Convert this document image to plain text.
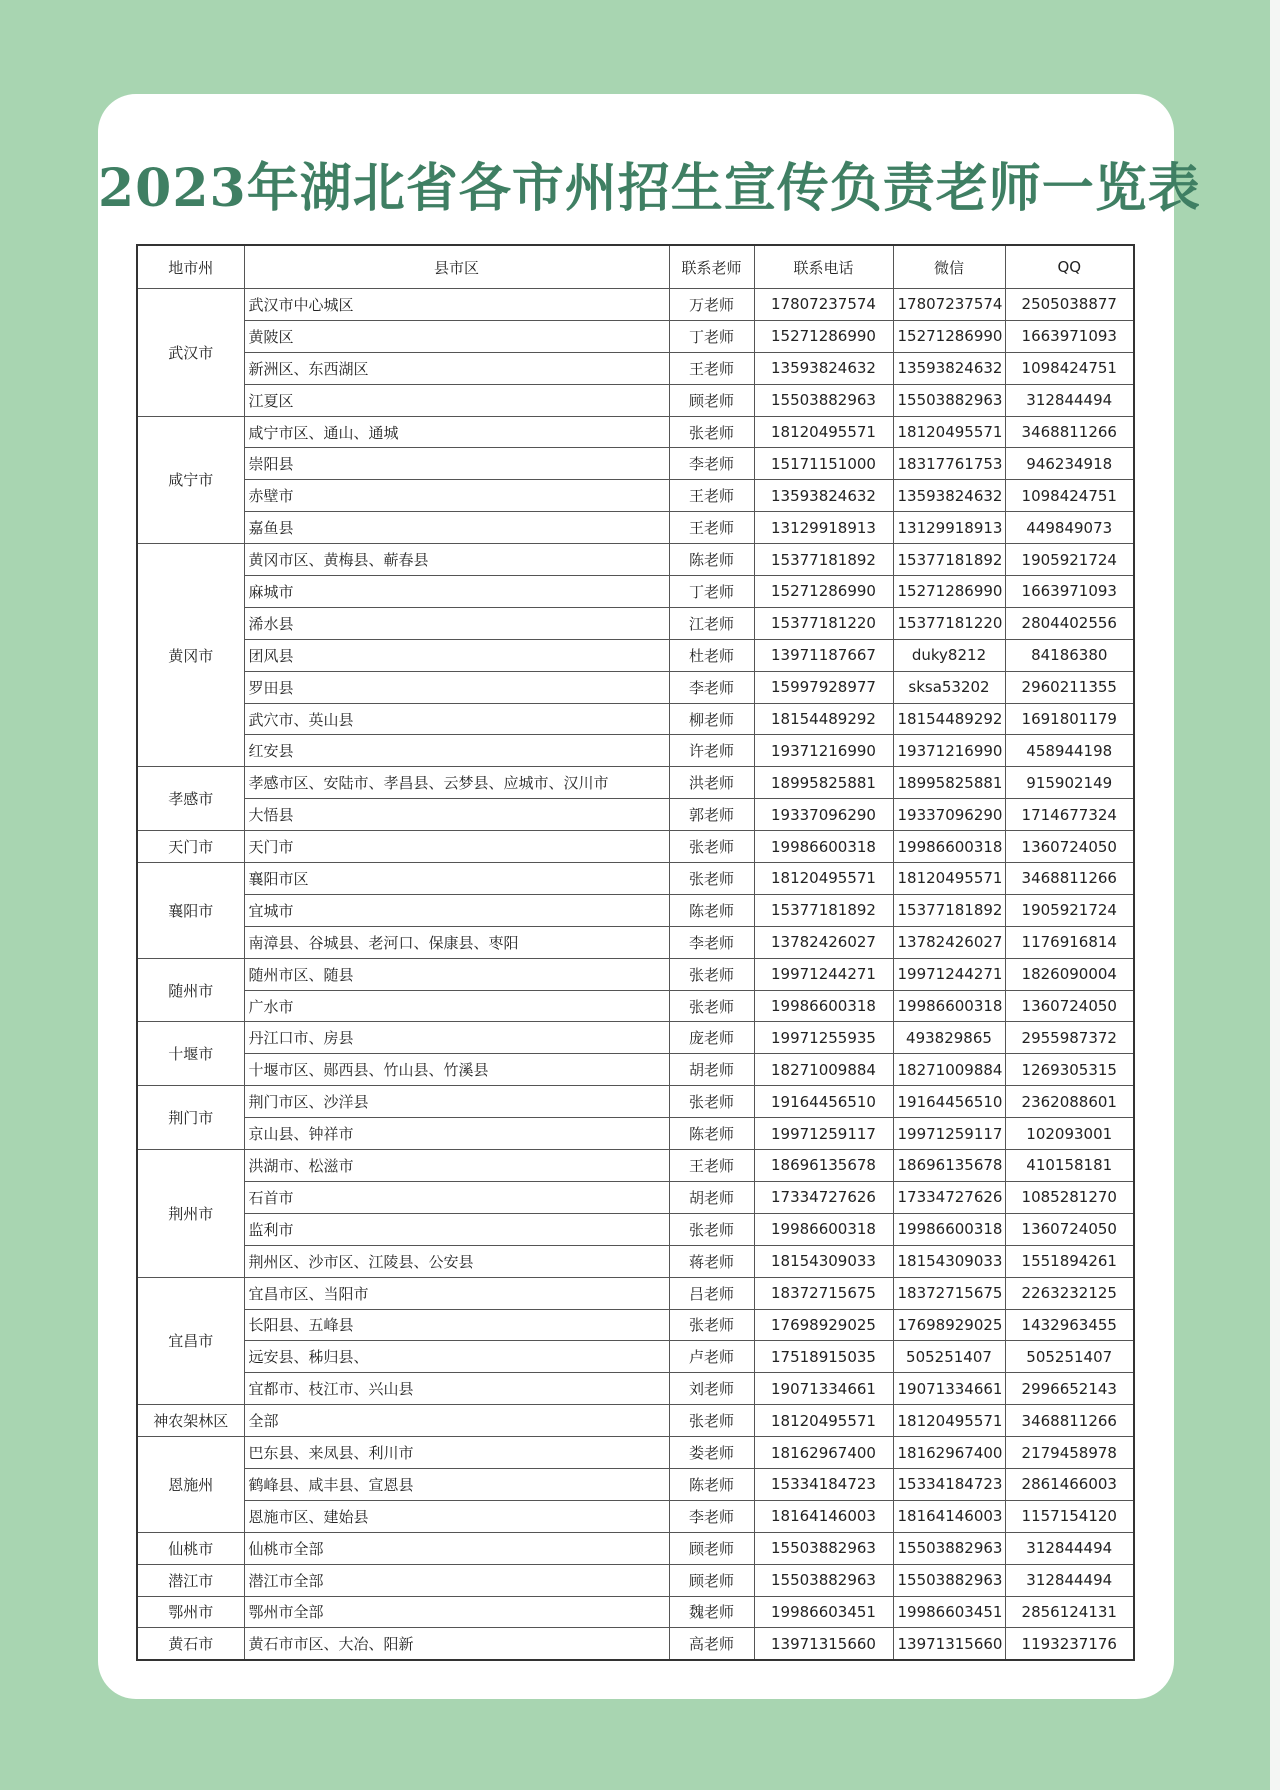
2023年湖北省各市州招生宣传负责老师一览表
地市州	县市区	联系老师	联系电话	微信	QQ
武汉市	武汉市中心城区	万老师	17807237574	17807237574	2505038877
	黄陂区	丁老师	15271286990	15271286990	1663971093
	新洲区、东西湖区	王老师	13593824632	13593824632	1098424751
	江夏区	顾老师	15503882963	15503882963	312844494
咸宁市	咸宁市区、通山、通城	张老师	18120495571	18120495571	3468811266
	崇阳县	李老师	15171151000	18317761753	946234918
	赤壁市	王老师	13593824632	13593824632	1098424751
	嘉鱼县	王老师	13129918913	13129918913	449849073
黄冈市	黄冈市区、黄梅县、蕲春县	陈老师	15377181892	15377181892	1905921724
	麻城市	丁老师	15271286990	15271286990	1663971093
	浠水县	江老师	15377181220	15377181220	2804402556
	团风县	杜老师	13971187667	duky8212	84186380
	罗田县	李老师	15997928977	sksa53202	2960211355
	武穴市、英山县	柳老师	18154489292	18154489292	1691801179
	红安县	许老师	19371216990	19371216990	458944198
孝感市	孝感市区、安陆市、孝昌县、云梦县、应城市、汉川市	洪老师	18995825881	18995825881	915902149
	大悟县	郭老师	19337096290	19337096290	1714677324
天门市	天门市	张老师	19986600318	19986600318	1360724050
襄阳市	襄阳市区	张老师	18120495571	18120495571	3468811266
	宜城市	陈老师	15377181892	15377181892	1905921724
	南漳县、谷城县、老河口、保康县、枣阳	李老师	13782426027	13782426027	1176916814
随州市	随州市区、随县	张老师	19971244271	19971244271	1826090004
	广水市	张老师	19986600318	19986600318	1360724050
十堰市	丹江口市、房县	庞老师	19971255935	493829865	2955987372
	十堰市区、郧西县、竹山县、竹溪县	胡老师	18271009884	18271009884	1269305315
荆门市	荆门市区、沙洋县	张老师	19164456510	19164456510	2362088601
	京山县、钟祥市	陈老师	19971259117	19971259117	102093001
荆州市	洪湖市、松滋市	王老师	18696135678	18696135678	410158181
	石首市	胡老师	17334727626	17334727626	1085281270
	监利市	张老师	19986600318	19986600318	1360724050
	荆州区、沙市区、江陵县、公安县	蒋老师	18154309033	18154309033	1551894261
宜昌市	宜昌市区、当阳市	吕老师	18372715675	18372715675	2263232125
	长阳县、五峰县	张老师	17698929025	17698929025	1432963455
	远安县、秭归县、	卢老师	17518915035	505251407	505251407
	宜都市、枝江市、兴山县	刘老师	19071334661	19071334661	2996652143
神农架林区	全部	张老师	18120495571	18120495571	3468811266
恩施州	巴东县、来凤县、利川市	娄老师	18162967400	18162967400	2179458978
	鹤峰县、咸丰县、宣恩县	陈老师	15334184723	15334184723	2861466003
	恩施市区、建始县	李老师	18164146003	18164146003	1157154120
仙桃市	仙桃市全部	顾老师	15503882963	15503882963	312844494
潜江市	潜江市全部	顾老师	15503882963	15503882963	312844494
鄂州市	鄂州市全部	魏老师	19986603451	19986603451	2856124131
黄石市	黄石市市区、大冶、阳新	高老师	13971315660	13971315660	1193237176
